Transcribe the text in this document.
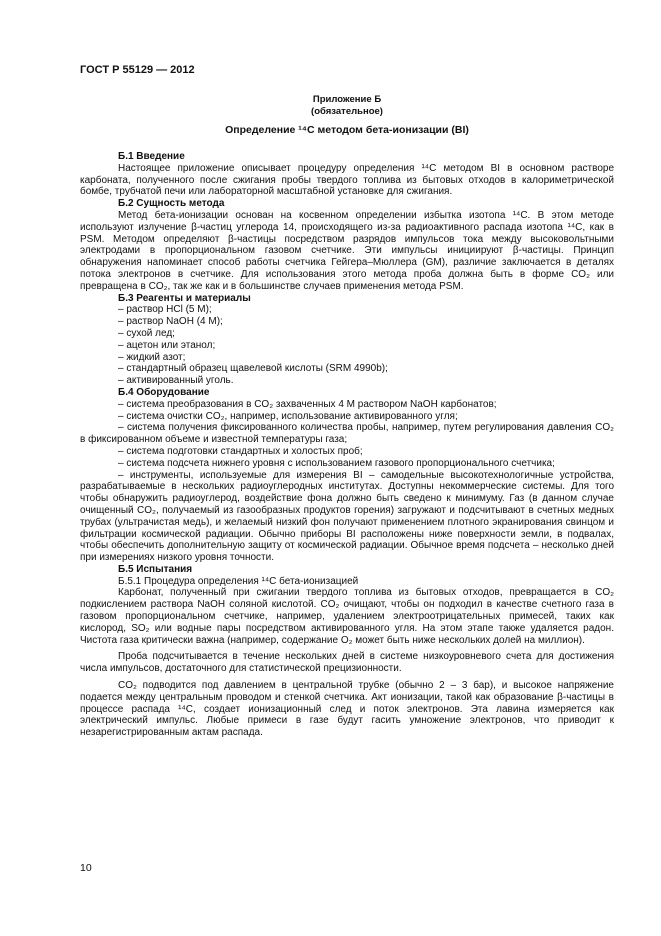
ГОСТ Р 55129 — 2012
Приложение Б
(обязательное)
Определение ¹⁴С методом бета-ионизации (BI)

Б.1 Введение

Настоящее приложение описывает процедуру определения ¹⁴С методом BI в основном растворе карбоната, полученного после сжигания пробы твердого топлива из бытовых отходов в калориметрической бомбе, трубчатой печи или лабораторной масштабной установке для сжигания.

Б.2 Сущность метода

Метод бета-ионизации основан на косвенном определении избытка изотопа ¹⁴С. В этом методе используют излучение β-частиц углерода 14, происходящего из-за радиоактивного распада изотопа ¹⁴С, как в PSM. Методом определяют β-частицы посредством разрядов импульсов тока между высоковольтными электродами в пропорциональном газовом счетчике. Эти импульсы инициируют β-частицы. Принцип обнаружения напоминает способ работы счетчика Гейгера–Мюллера (GM), различие заключается в деталях потока электронов в счетчике. Для использования этого метода проба должна быть в форме CO₂ или превращена в CO₂, так же как и в большинстве случаев применения метода PSM.

Б.3 Реагенты и материалы

– раствор HCl (5 M);

– раствор NaOH (4 M);

– сухой лед;

– ацетон или этанол;

– жидкий азот;

– стандартный образец щавелевой кислоты (SRM 4990b);

– активированный уголь.

Б.4 Оборудование

– система преобразования в CO₂ захваченных 4 M раствором NaOH карбонатов;

– система очистки CO₂, например, использование активированного угля;

– система получения фиксированного количества пробы, например, путем регулирования давления CO₂ в фиксированном объеме и известной температуры газа;

– система подготовки стандартных и холостых проб;

– система подсчета нижнего уровня с использованием газового пропорционального счетчика;

– инструменты, используемые для измерения BI – самодельные высокотехнологичные устройства, разрабатываемые в нескольких радиоуглеродных институтах. Доступны некоммерческие системы. Для того чтобы обнаружить радиоуглерод, воздействие фона должно быть сведено к минимуму. Газ (в данном случае очищенный CO₂, получаемый из газообразных продуктов горения) загружают и подсчитывают в счетных медных трубах (ультрачистая медь), и желаемый низкий фон получают применением плотного экранирования свинцом и фильтрации космической радиации. Обычно приборы BI расположены ниже поверхности земли, в подвалах, чтобы обеспечить дополнительную защиту от космической радиации. Обычное время подсчета – несколько дней при измерениях низкого уровня точности.

Б.5 Испытания

Б.5.1 Процедура определения ¹⁴С бета-ионизацией

Карбонат, полученный при сжигании твердого топлива из бытовых отходов, превращается в CO₂ подкислением раствора NaOH соляной кислотой. CO₂ очищают, чтобы он подходил в качестве счетного газа в газовом пропорциональном счетчике, например, удалением электроотрицательных примесей, таких как кислород, SO₂ или водные пары посредством активированного угля. На этом этапе также удаляется радон. Чистота газа критически важна (например, содержание O₂ может быть ниже нескольких долей на миллион).

Проба подсчитывается в течение нескольких дней в системе низкоуровневого счета для достижения числа импульсов, достаточного для статистической прецизионности.

CO₂ подводится под давлением в центральной трубке (обычно 2 – 3 бар), и высокое напряжение подается между центральным проводом и стенкой счетчика. Акт ионизации, такой как образование β-частицы в процессе распада ¹⁴С, создает ионизационный след и поток электронов. Эта лавина измеряется как электрический импульс. Любые примеси в газе будут гасить умножение электронов, что приводит к незарегистрированным актам распада.

10
